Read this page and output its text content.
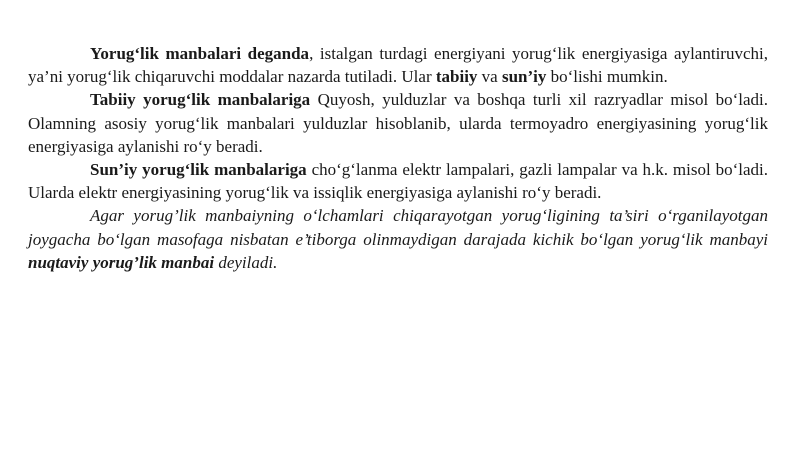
Yorug‘lik manbalari deganda, istalgan turdagi energiyani yorug‘lik energiyasiga aylantiruvchi, ya’ni yorug‘lik chiqaruvchi moddalar nazarda tutiladi. Ular tabiiy va sun’iy bo‘lishi mumkin.

Tabiiy yorug‘lik manbalariga Quyosh, yulduzlar va boshqa turli xil razryadlar misol bo‘ladi. Olamning asosiy yorug‘lik manbalari yulduzlar hisoblanib, ularda termoyadro energiyasining yorug‘lik energiyasiga aylanishi ro‘y beradi.

Sun’iy yorug‘lik manbalariga cho‘g‘lanma elektr lampalari, gazli lampalar va h.k. misol bo‘ladi. Ularda elektr energiyasining yorug‘lik va issiqlik energiyasiga aylanishi ro‘y beradi.

Agar yorug’lik manbaiyning o‘lchamlari chiqarayotgan yorug‘ligining ta’siri o‘rganilayotgan joygacha bo‘lgan masofaga nisbatan e’tiborga olinmaydigan darajada kichik bo‘lgan yorug‘lik manbayi nuqtaviy yorug’lik manbai deyiladi.
